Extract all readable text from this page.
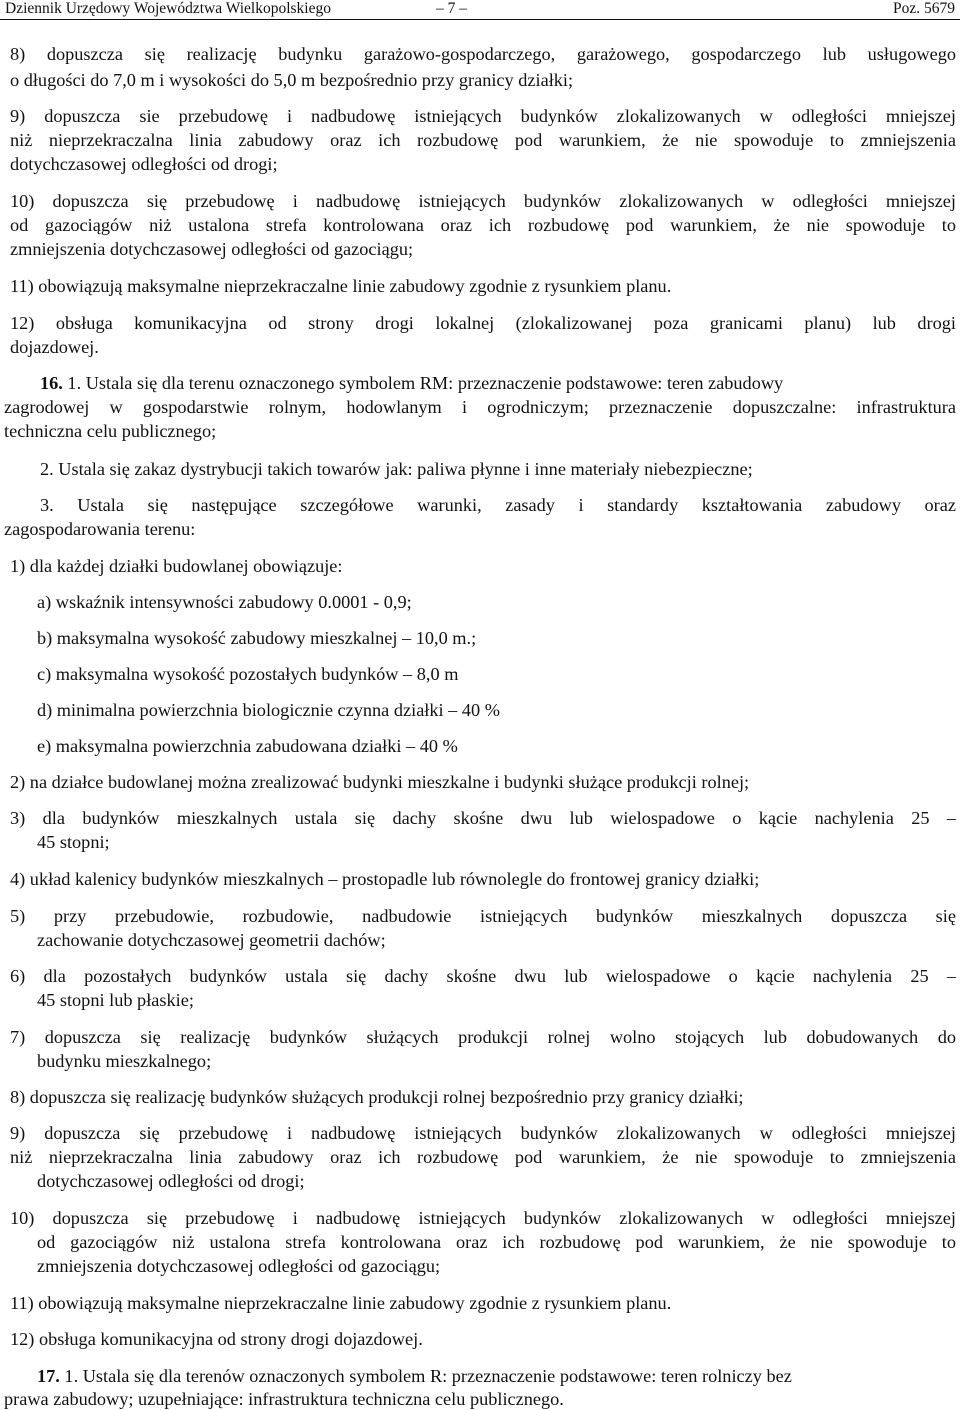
Dziennik Urzędowy Województwa Wielkopolskiego	– 7 –	Poz. 5679
8) dopuszcza się realizację budynku garażowo-gospodarczego, garażowego, gospodarczego lub usługowego
o długości do 7,0 m i wysokości do 5,0 m bezpośrednio przy granicy działki;
9) dopuszcza sie przebudowę i nadbudowę istniejących budynków zlokalizowanych w odległości mniejszej
niż nieprzekraczalna linia zabudowy oraz ich rozbudowę pod warunkiem, że nie spowoduje to zmniejszenia
dotychczasowej odległości od drogi;
10) dopuszcza się przebudowę i nadbudowę istniejących budynków zlokalizowanych w odległości mniejszej
od gazociągów niż ustalona strefa kontrolowana oraz ich rozbudowę pod warunkiem, że nie spowoduje to
zmniejszenia dotychczasowej odległości od gazociągu;
11) obowiązują maksymalne nieprzekraczalne linie zabudowy zgodnie z rysunkiem planu.
12) obsługa komunikacyjna od strony drogi lokalnej (zlokalizowanej poza granicami planu) lub drogi
dojazdowej.
16. 1. Ustala się dla terenu oznaczonego symbolem RM: przeznaczenie podstawowe: teren zabudowy
zagrodowej w gospodarstwie rolnym, hodowlanym i ogrodniczym; przeznaczenie dopuszczalne: infrastruktura
techniczna celu publicznego;
2. Ustala się zakaz dystrybucji takich towarów jak: paliwa płynne i inne materiały niebezpieczne;
3. Ustala się następujące szczegółowe warunki, zasady i standardy kształtowania zabudowy oraz
zagospodarowania terenu:
1) dla każdej działki budowlanej obowiązuje:
a) wskaźnik intensywności zabudowy 0.0001 - 0,9;
b) maksymalna wysokość zabudowy mieszkalnej – 10,0 m.;
c) maksymalna wysokość pozostałych budynków – 8,0 m
d) minimalna powierzchnia biologicznie czynna działki – 40 %
e) maksymalna powierzchnia zabudowana działki – 40 %
2) na działce budowlanej można zrealizować budynki mieszkalne i budynki służące produkcji rolnej;
3) dla budynków mieszkalnych ustala się dachy skośne dwu lub wielospadowe o kącie nachylenia 25 –
45 stopni;
4) układ kalenicy budynków mieszkalnych – prostopadle lub równolegle do frontowej granicy działki;
5) przy przebudowie, rozbudowie, nadbudowie istniejących budynków mieszkalnych dopuszcza się
zachowanie dotychczasowej geometrii dachów;
6) dla pozostałych budynków ustala się dachy skośne dwu lub wielospadowe o kącie nachylenia 25 –
45 stopni lub płaskie;
7) dopuszcza się realizację budynków służących produkcji rolnej wolno stojących lub dobudowanych do
budynku mieszkalnego;
8) dopuszcza się realizację budynków służących produkcji rolnej bezpośrednio przy granicy działki;
9) dopuszcza się przebudowę i nadbudowę istniejących budynków zlokalizowanych w odległości mniejszej
niż nieprzekraczalna linia zabudowy oraz ich rozbudowę pod warunkiem, że nie spowoduje to zmniejszenia
dotychczasowej odległości od drogi;
10) dopuszcza się przebudowę i nadbudowę istniejących budynków zlokalizowanych w odległości mniejszej
od gazociągów niż ustalona strefa kontrolowana oraz ich rozbudowę pod warunkiem, że nie spowoduje to
zmniejszenia dotychczasowej odległości od gazociągu;
11) obowiązują maksymalne nieprzekraczalne linie zabudowy zgodnie z rysunkiem planu.
12) obsługa komunikacyjna od strony drogi dojazdowej.
17. 1. Ustala się dla terenów oznaczonych symbolem R: przeznaczenie podstawowe: teren rolniczy bez
prawa zabudowy; uzupełniające: infrastruktura techniczna celu publicznego.
